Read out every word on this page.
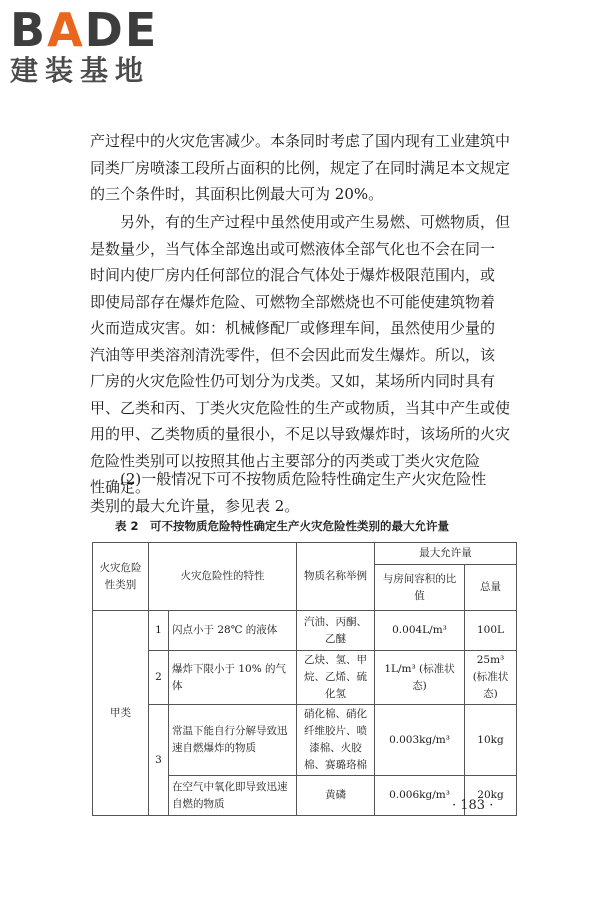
BADE
建装基地
产过程中的火灾危害减少。本条同时考虑了国内现有工业建筑中
同类厂房喷漆工段所占面积的比例，规定了在同时满足本文规定
的三个条件时，其面积比例最大可为 20%。
另外，有的生产过程中虽然使用或产生易燃、可燃物质，但
是数量少，当气体全部逸出或可燃液体全部气化也不会在同一
时间内使厂房内任何部位的混合气体处于爆炸极限范围内，或
即使局部存在爆炸危险、可燃物全部燃烧也不可能使建筑物着
火而造成灾害。如：机械修配厂或修理车间，虽然使用少量的
汽油等甲类溶剂清洗零件，但不会因此而发生爆炸。所以，该
厂房的火灾危险性仍可划分为戊类。又如，某场所内同时具有
甲、乙类和丙、丁类火灾危险性的生产或物质，当其中产生或使
用的甲、乙类物质的量很小，不足以导致爆炸时，该场所的火灾
危险性类别可以按照其他占主要部分的丙类或丁类火灾危险
性确定。
(2)一般情况下可不按物质危险特性确定生产火灾危险性
类别的最大允许量，参见表 2。
表 2　可不按物质危险特性确定生产火灾危险性类别的最大允许量
火灾危险性类别	火灾危险性的特性		物质名称举例	最大允许量	
				与房间容积的比值	总量
甲类	1	闪点小于 28℃ 的液体	汽油、丙酮、乙醚	0.004L/m³	100L
	2	爆炸下限小于 10% 的气体	乙炔、氢、甲烷、乙烯、硫化氢	1L/m³ (标准状态)	25m³ (标准状态)
	3	常温下能自行分解导致迅速自燃爆炸的物质	硝化棉、硝化纤维胶片、喷漆棉、火胶棉、赛璐珞棉	0.003kg/m³	10kg
		在空气中氧化即导致迅速自燃的物质	黄磷	0.006kg/m³	20kg
· 183 ·
